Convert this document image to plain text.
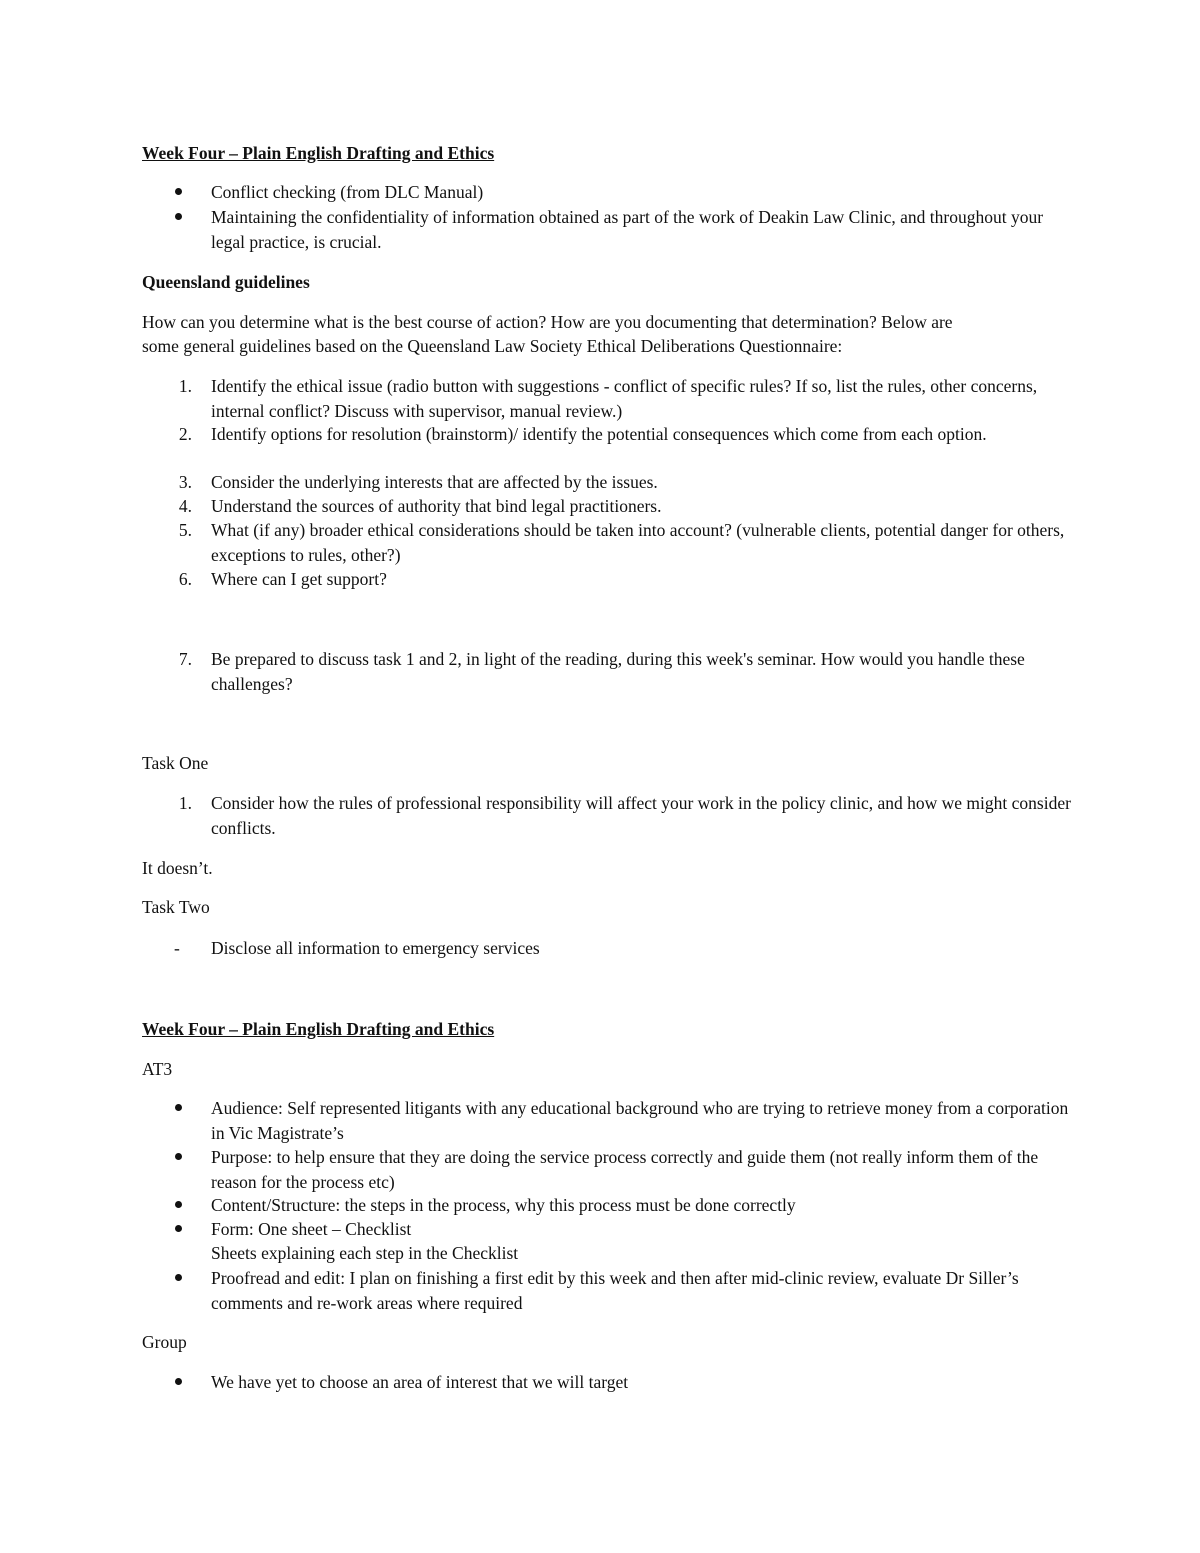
Week Four – Plain English Drafting and Ethics
Conflict checking (from DLC Manual)
Maintaining the confidentiality of information obtained as part of the work of Deakin Law Clinic, and throughout your legal practice, is crucial.
Queensland guidelines
How can you determine what is the best course of action? How are you documenting that determination? Below are
some general guidelines based on the Queensland Law Society Ethical Deliberations Questionnaire:
1. Identify the ethical issue (radio button with suggestions - conflict of specific rules? If so, list the rules, other concerns, internal conflict? Discuss with supervisor, manual review.)
2. Identify options for resolution (brainstorm)/ identify the potential consequences which come from each option.
3. Consider the underlying interests that are affected by the issues.
4. Understand the sources of authority that bind legal practitioners.
5. What (if any) broader ethical considerations should be taken into account? (vulnerable clients, potential danger for others, exceptions to rules, other?)
6. Where can I get support?
7. Be prepared to discuss task 1 and 2, in light of the reading, during this week's seminar. How would you handle these challenges?
Task One
1. Consider how the rules of professional responsibility will affect your work in the policy clinic, and how we might consider conflicts.
It doesn’t.
Task Two
- Disclose all information to emergency services
Week Four – Plain English Drafting and Ethics
AT3
Audience: Self represented litigants with any educational background who are trying to retrieve money from a corporation in Vic Magistrate’s
Purpose: to help ensure that they are doing the service process correctly and guide them (not really inform them of the reason for the process etc)
Content/Structure: the steps in the process, why this process must be done correctly
Form: One sheet – Checklist
Sheets explaining each step in the Checklist
Proofread and edit: I plan on finishing a first edit by this week and then after mid-clinic review, evaluate Dr Siller’s comments and re-work areas where required
Group
We have yet to choose an area of interest that we will target
